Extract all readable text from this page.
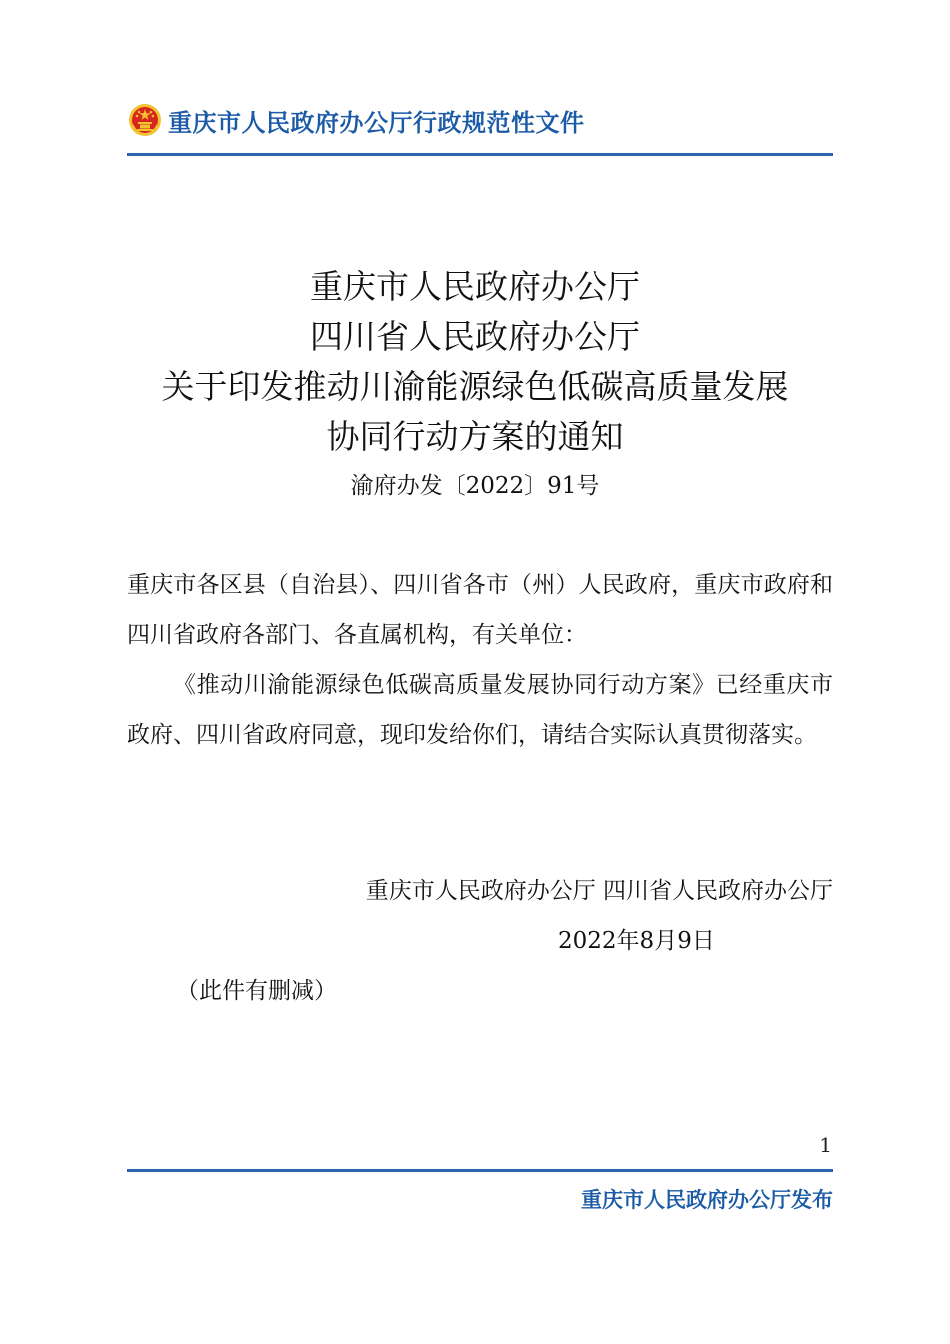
重庆市人民政府办公厅行政规范性文件
重庆市人民政府办公厅
四川省人民政府办公厅
关于印发推动川渝能源绿色低碳高质量发展
协同行动方案的通知
渝府办发〔2022〕91号

重庆市各区县（自治县）、四川省各市（州）人民政府，重庆市政府和四川省政府各部门、各直属机构，有关单位：

《推动川渝能源绿色低碳高质量发展协同行动方案》已经重庆市政府、四川省政府同意，现印发给你们，请结合实际认真贯彻落实。

重庆市人民政府办公厅 四川省人民政府办公厅
2022年8月9日
（此件有删减）
1
重庆市人民政府办公厅发布
